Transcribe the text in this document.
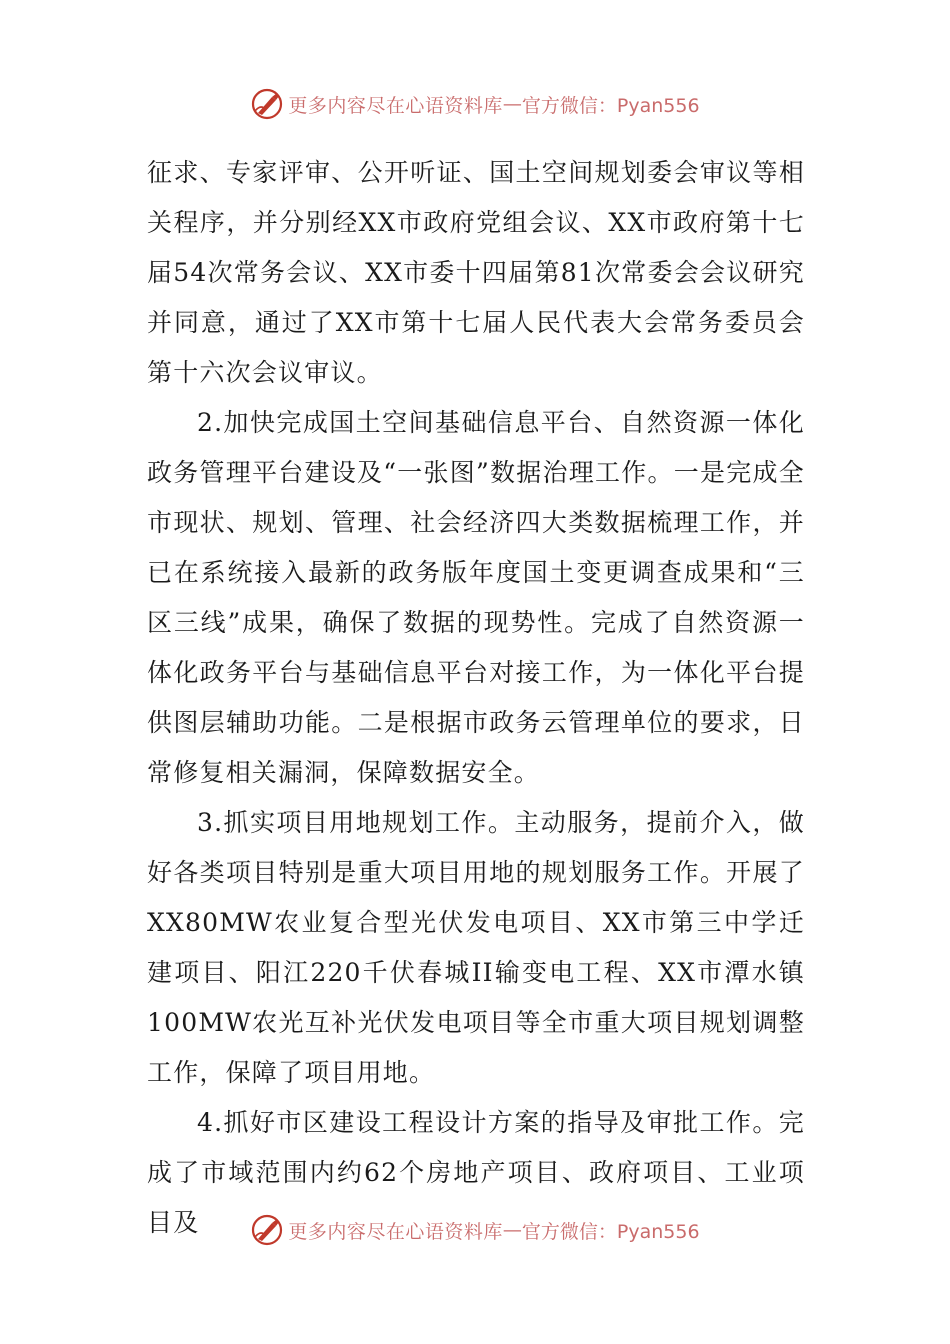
更多内容尽在心语资料库 — 官方微信：Pyan556

征求、专家评审、公开听证、国土空间规划委会审议等相关程序，并分别经XX市政府党组会议、XX市政府第十七届54次常务会议、XX市委十四届第81次常委会会议研究并同意，通过了XX市第十七届人民代表大会常务委员会第十六次会议审议。

2.加快完成国土空间基础信息平台、自然资源一体化政务管理平台建设及“一张图”数据治理工作。一是完成全市现状、规划、管理、社会经济四大类数据梳理工作，并已在系统接入最新的政务版年度国土变更调查成果和“三区三线”成果，确保了数据的现势性。完成了自然资源一体化政务平台与基础信息平台对接工作，为一体化平台提供图层辅助功能。二是根据市政务云管理单位的要求，日常修复相关漏洞，保障数据安全。

3.抓实项目用地规划工作。主动服务，提前介入，做好各类项目特别是重大项目用地的规划服务工作。开展了XX80MW农业复合型光伏发电项目、XX市第三中学迁建项目、阳江220千伏春城II输变电工程、XX市潭水镇100MW农光互补光伏发电项目等全市重大项目规划调整工作，保障了项目用地。

4.抓好市区建设工程设计方案的指导及审批工作。完成了市域范围内约62个房地产项目、政府项目、工业项目及	更多内容尽在心语资料库 — 官方微信：Pyan556
